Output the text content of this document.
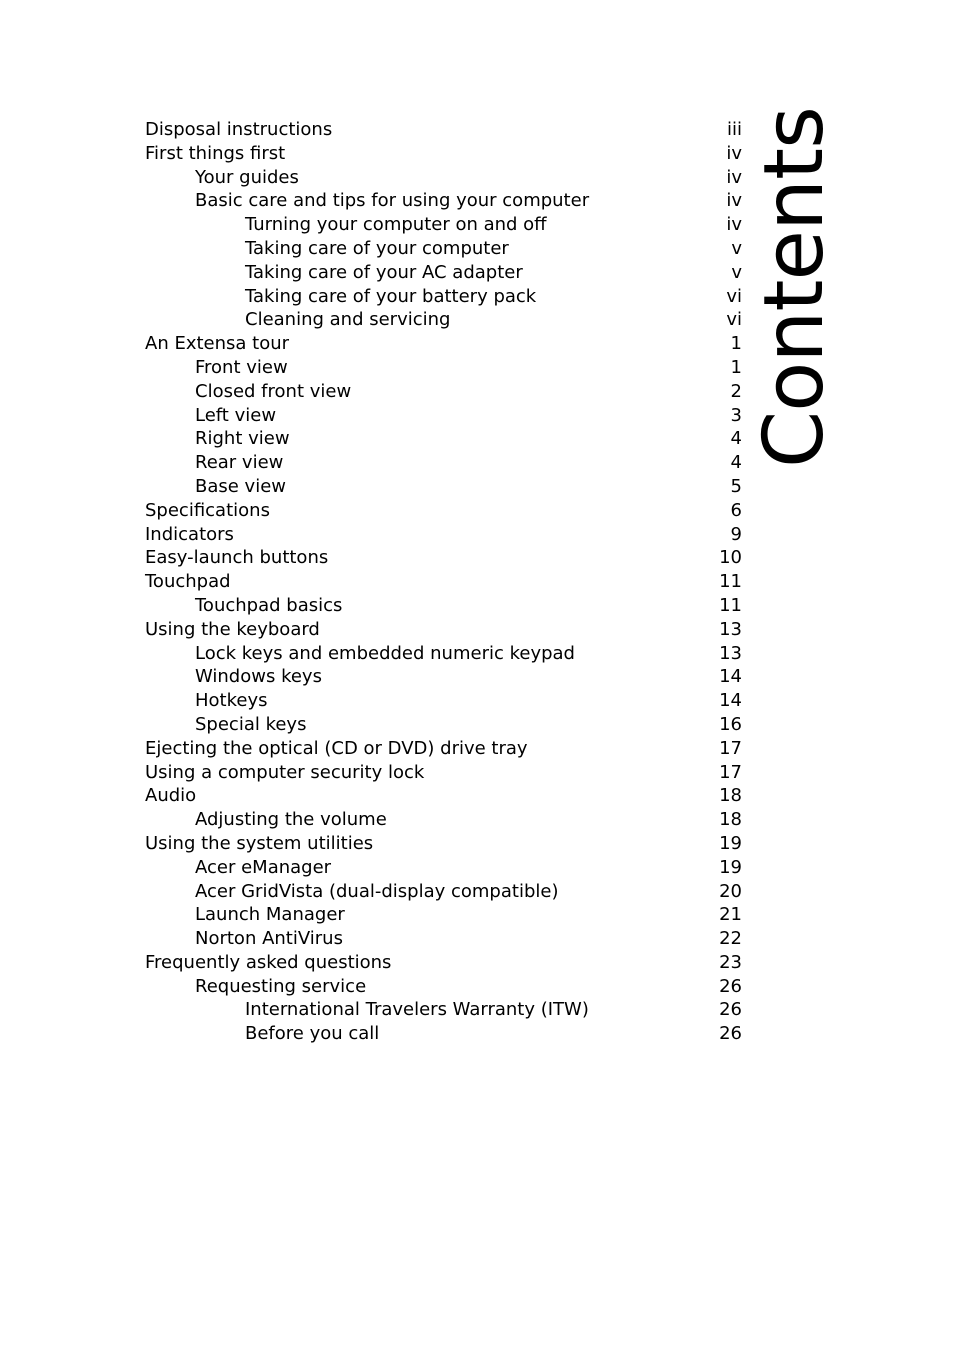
Contents
Disposal instructions	iii
First things first	iv
Your guides	iv
Basic care and tips for using your computer	iv
Turning your computer on and off	iv
Taking care of your computer	v
Taking care of your AC adapter	v
Taking care of your battery pack	vi
Cleaning and servicing	vi
An Extensa tour	1
Front view	1
Closed front view	2
Left view	3
Right view	4
Rear view	4
Base view	5
Specifications	6
Indicators	9
Easy-launch buttons	10
Touchpad	11
Touchpad basics	11
Using the keyboard	13
Lock keys and embedded numeric keypad	13
Windows keys	14
Hotkeys	14
Special keys	16
Ejecting the optical (CD or DVD) drive tray	17
Using a computer security lock	17
Audio	18
Adjusting the volume	18
Using the system utilities	19
Acer eManager	19
Acer GridVista (dual-display compatible)	20
Launch Manager	21
Norton AntiVirus	22
Frequently asked questions	23
Requesting service	26
International Travelers Warranty (ITW)	26
Before you call	26
